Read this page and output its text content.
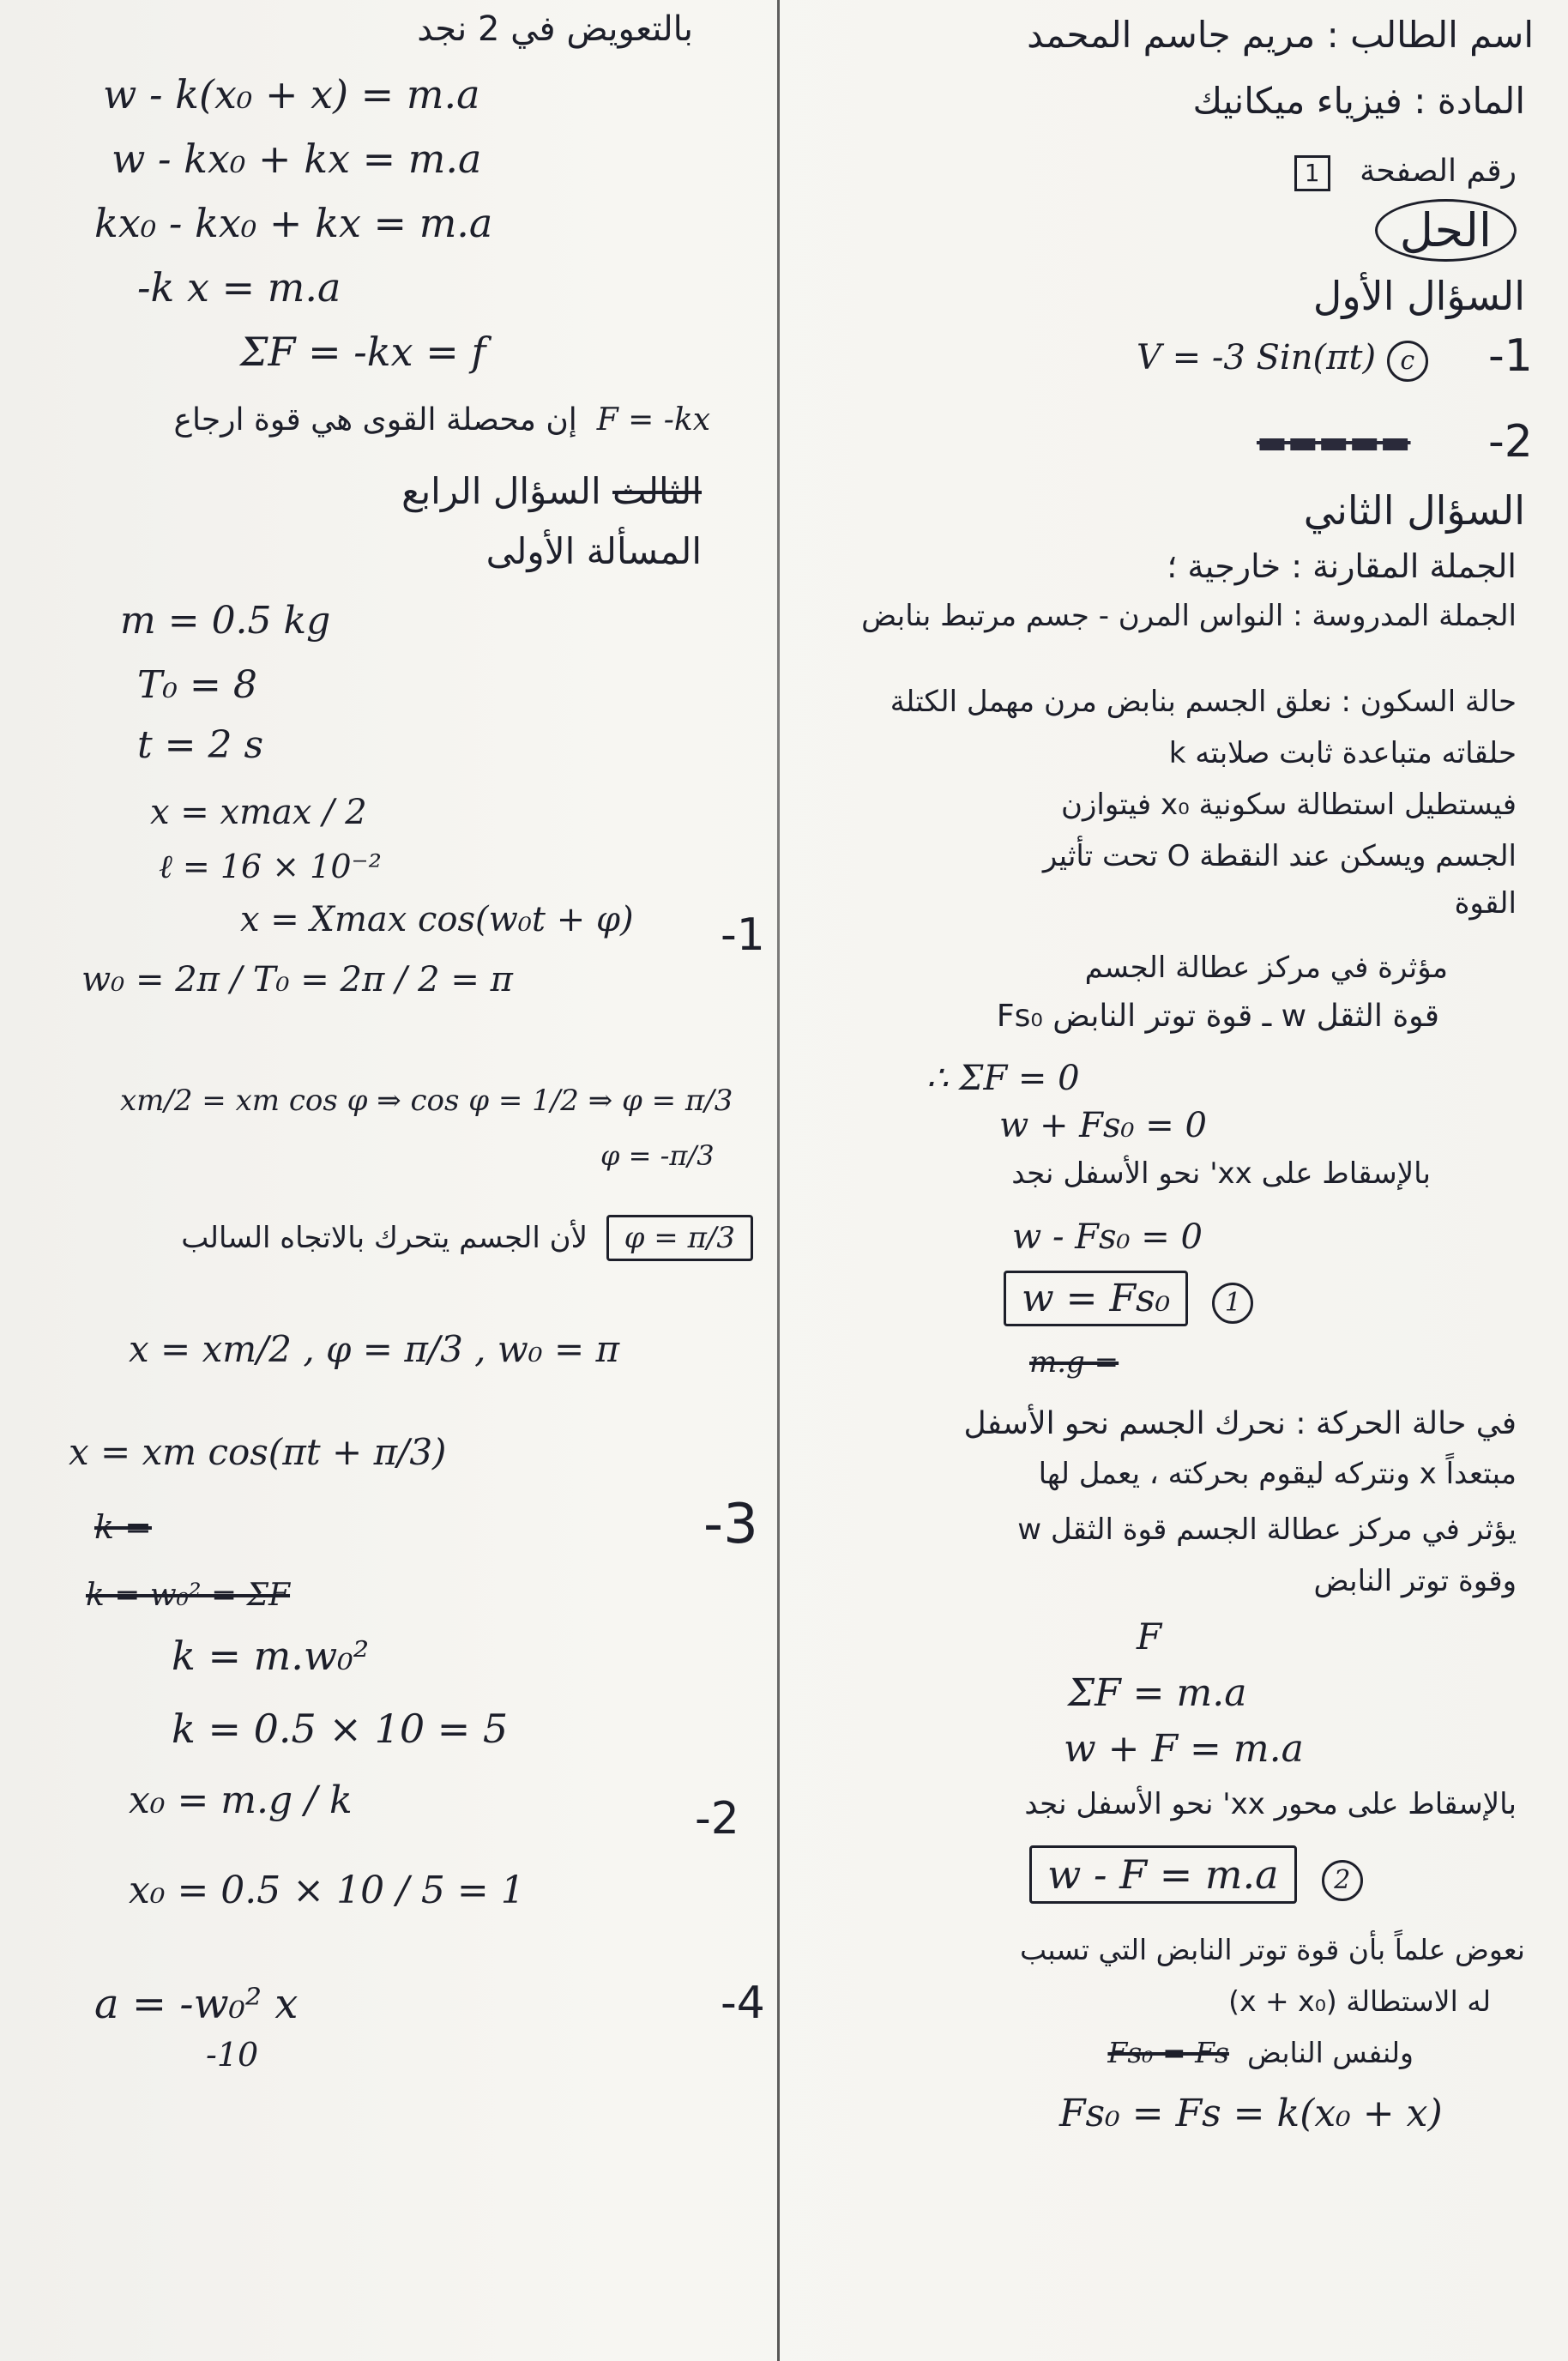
اسم الطالب : مريم جاسم المحمد
المادة : فيزياء ميكانيك
رقم الصفحة   1
الحل
السؤال الأول
V = -3 Sin(πt) c -1
▬▬▬▬▬ -2
السؤال الثاني
الجملة المقارنة : خارجية ؛
الجملة المدروسة : النواس المرن - جسم مرتبط بنابض
حالة السكون : نعلق الجسم بنابض مرن مهمل الكتلة
حلقاته متباعدة ثابت صلابته k
فيستطيل استطالة سكونية x₀ فيتوازن
الجسم ويسكن عند النقطة O تحت تأثير
القوة
مؤثرة في مركز عطالة الجسم
قوة الثقل w ـ قوة توتر النابض Fs₀
∴ ΣF = 0
w + Fs₀ = 0
بالإسقاط على xx' نحو الأسفل نجد
w - Fs₀ = 0
w = Fs₀ 1
m.g =
في حالة الحركة : نحرك الجسم نحو الأسفل
مبتعداً x ونتركه ليقوم بحركته ، يعمل لها
يؤثر في مركز عطالة الجسم قوة الثقل w
وقوة توتر النابض
F
ΣF = m.a
w + F = m.a
بالإسقاط على محور xx' نحو الأسفل نجد
w - F = m.a 2
نعوض علماً بأن قوة توتر النابض التي تسبب
له الاستطالة (x + x₀)
ولنفس النابض  Fs₀ = Fs
Fs₀ = Fs = k(x₀ + x)
بالتعويض في 2 نجد
w - k(x₀ + x) = m.a
w - kx₀ + kx = m.a
kx₀ - kx₀ + kx = m.a
-k x = m.a
ΣF = -kx = f
F = -kx  إن محصلة القوى هي قوة ارجاع
الثالث السؤال الرابع
المسألة الأولى
m = 0.5 kg
T₀ = 8
t = 2 s
x = xmax / 2
ℓ = 16 × 10⁻²
x = Xmax cos(w₀t + φ) -1
w₀ = 2π / T₀ = 2π / 2 = π
xm/2 = xm cos φ ⇒ cos φ = 1/2 ⇒ φ = π/3
φ = -π/3
φ = π/3  لأن الجسم يتحرك بالاتجاه السالب
x = xm/2 , φ = π/3 , w₀ = π
x = xm cos(πt + π/3)
k =
k = w₀² = ΣF
-3
k = m.w₀²
k = 0.5 × 10 = 5
x₀ = m.g / k	-2
x₀ = 0.5 × 10 / 5 = 1
a = -w₀² x
-10
-4
